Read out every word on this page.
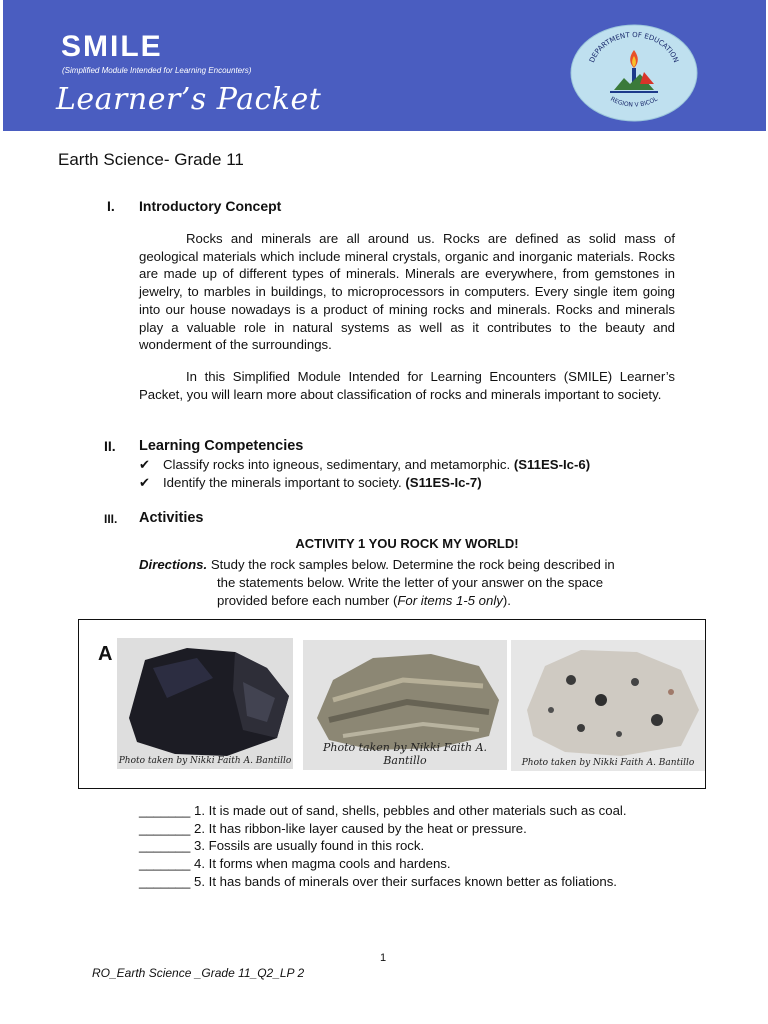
SMILE
(Simplified Module Intended for Learning Encounters)
Learner’s Packet
DEPARTMENT OF EDUCATION
REGION V BICOL
Earth Science- Grade 11
I. Introductory Concept

Rocks and minerals are all around us. Rocks are defined as solid mass of geological materials which include mineral crystals, organic and inorganic materials. Rocks are made up of different types of minerals. Minerals are everywhere, from gemstones in jewelry, to marbles in buildings, to microprocessors in computers. Every single item going into our house nowadays is a product of mining rocks and minerals. Rocks and minerals play a valuable role in natural systems as well as it contributes to the beauty and wonderment of the surroundings.

In this Simplified Module Intended for Learning Encounters (SMILE) Learner’s Packet, you will learn more about classification of rocks and minerals important to society.

II. Learning Competencies
✔ Classify rocks into igneous, sedimentary, and metamorphic. (S11ES-Ic-6)
✔ Identify the minerals important to society. (S11ES-Ic-7)
III. Activities
ACTIVITY 1 YOU ROCK MY WORLD!
Directions. Study the rock samples below. Determine the rock being described in
the statements below. Write the letter of your answer on the space
provided before each number (For items 1-5 only).
A
Photo taken by Nikki Faith A. Bantillo
Photo taken by Nikki Faith A. Bantillo	Photo taken by Nikki Faith A. Bantillo
_______ 1. It is made out of sand, shells, pebbles and other materials such as coal.
_______ 2. It has ribbon-like layer caused by the heat or pressure.
_______ 3. Fossils are usually found in this rock.
_______ 4. It forms when magma cools and hardens.
_______ 5. It has bands of minerals over their surfaces known better as foliations.
1
RO_Earth Science _Grade 11_Q2_LP 2
